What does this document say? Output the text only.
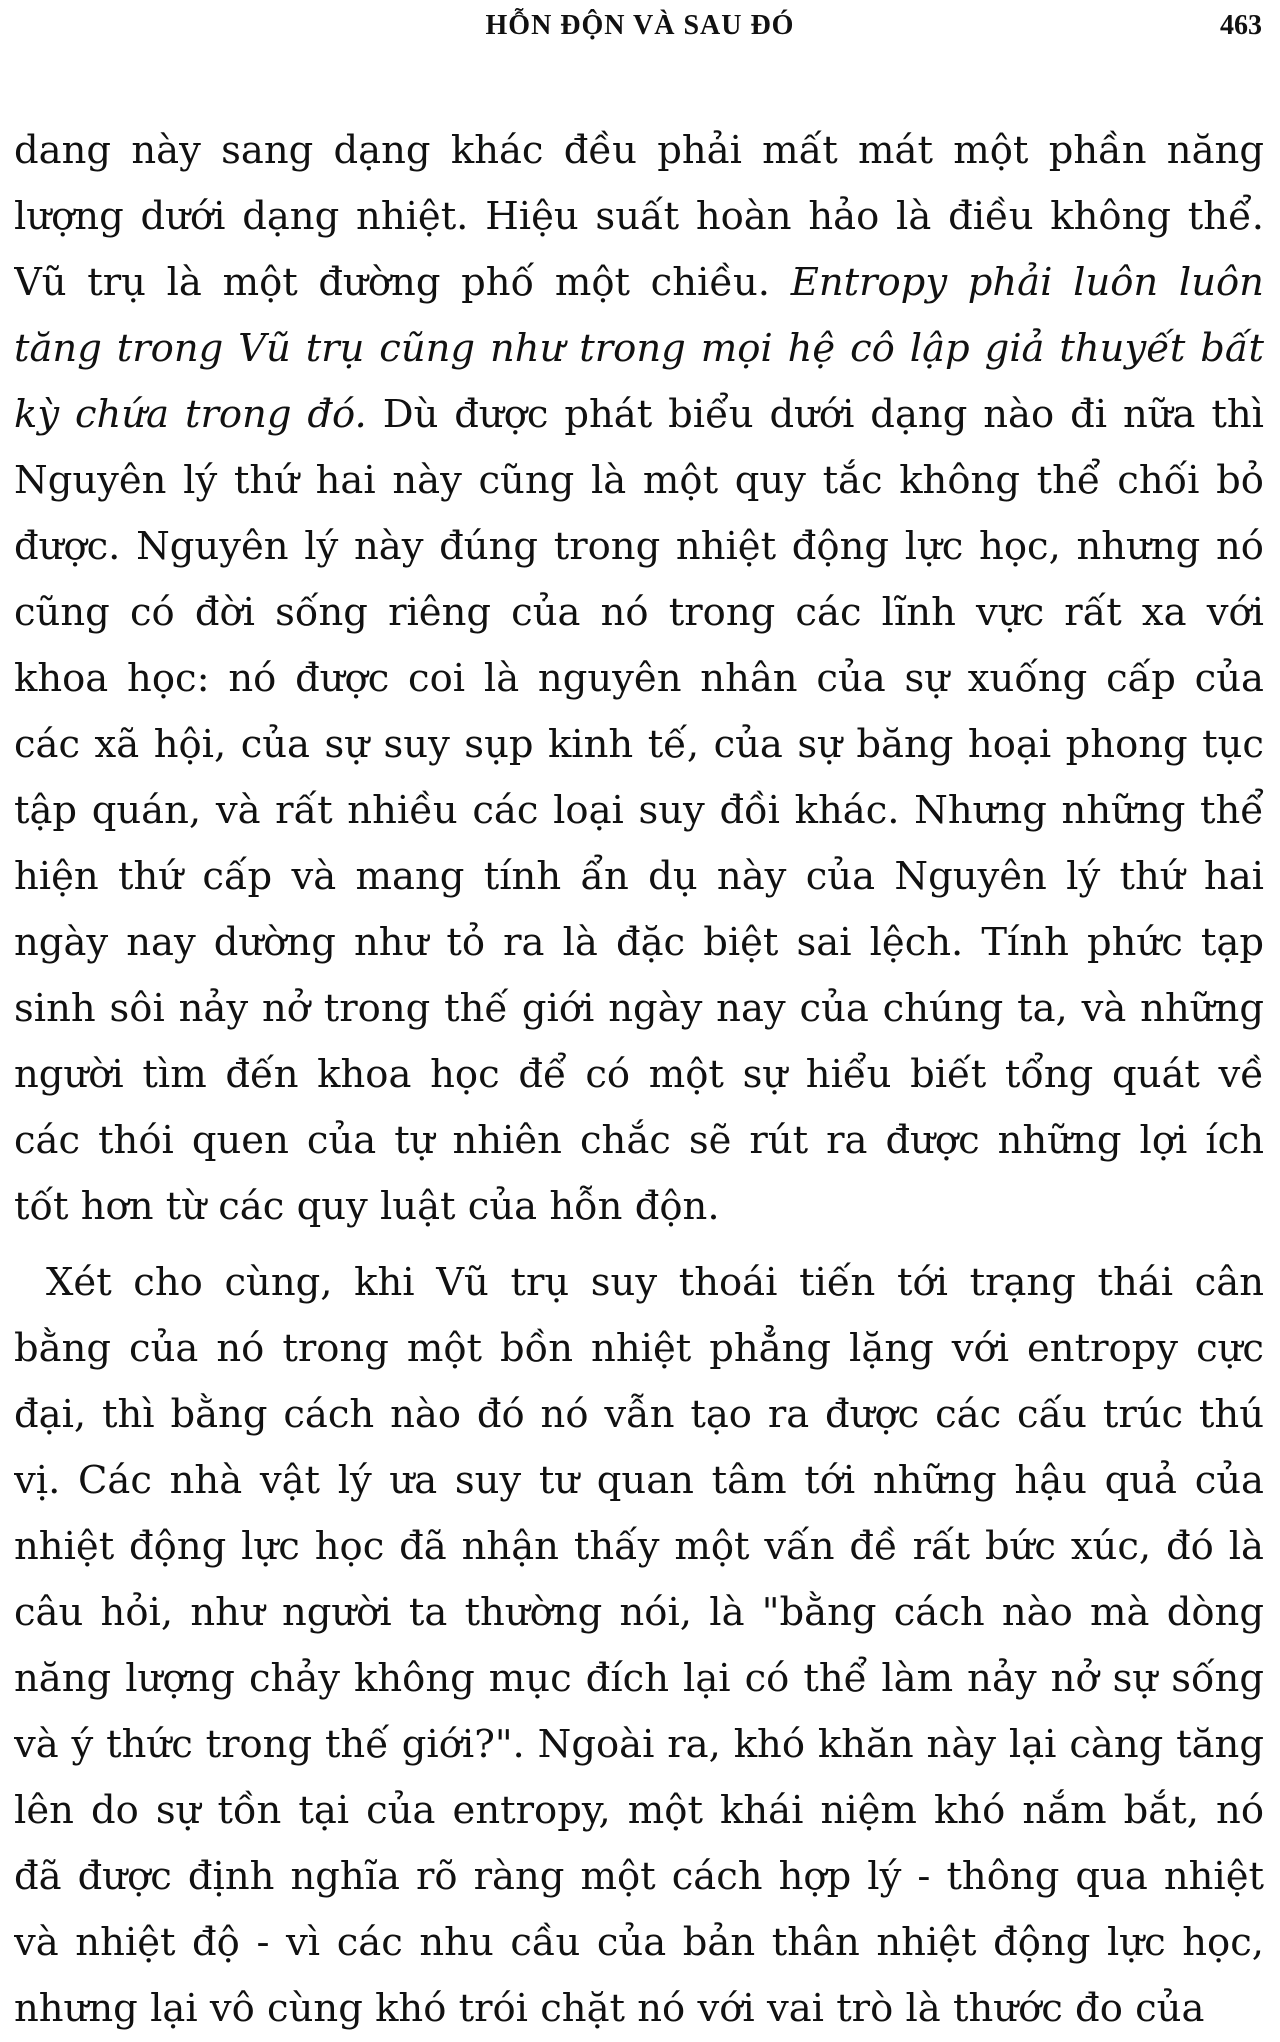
HỖN ĐỘN VÀ SAU ĐÓ	463
dang này sang dạng khác đều phải mất mát một phần năng
lượng dưới dạng nhiệt. Hiệu suất hoàn hảo là điều không thể.
Vũ trụ là một đường phố một chiều. Entropy phải luôn luôn
tăng trong Vũ trụ cũng như trong mọi hệ cô lập giả thuyết bất
kỳ chứa trong đó. Dù được phát biểu dưới dạng nào đi nữa thì
Nguyên lý thứ hai này cũng là một quy tắc không thể chối bỏ
được. Nguyên lý này đúng trong nhiệt động lực học, nhưng nó
cũng có đời sống riêng của nó trong các lĩnh vực rất xa với
khoa học: nó được coi là nguyên nhân của sự xuống cấp của
các xã hội, của sự suy sụp kinh tế, của sự băng hoại phong tục
tập quán, và rất nhiều các loại suy đồi khác. Nhưng những thể
hiện thứ cấp và mang tính ẩn dụ này của Nguyên lý thứ hai
ngày nay dường như tỏ ra là đặc biệt sai lệch. Tính phức tạp
sinh sôi nảy nở trong thế giới ngày nay của chúng ta, và những
người tìm đến khoa học để có một sự hiểu biết tổng quát về
các thói quen của tự nhiên chắc sẽ rút ra được những lợi ích
tốt hơn từ các quy luật của hỗn độn.
Xét cho cùng, khi Vũ trụ suy thoái tiến tới trạng thái cân
bằng của nó trong một bồn nhiệt phẳng lặng với entropy cực
đại, thì bằng cách nào đó nó vẫn tạo ra được các cấu trúc thú
vị. Các nhà vật lý ưa suy tư quan tâm tới những hậu quả của
nhiệt động lực học đã nhận thấy một vấn đề rất bức xúc, đó là
câu hỏi, như người ta thường nói, là "bằng cách nào mà dòng
năng lượng chảy không mục đích lại có thể làm nảy nở sự sống
và ý thức trong thế giới?". Ngoài ra, khó khăn này lại càng tăng
lên do sự tồn tại của entropy, một khái niệm khó nắm bắt, nó
đã được định nghĩa rõ ràng một cách hợp lý - thông qua nhiệt
và nhiệt độ - vì các nhu cầu của bản thân nhiệt động lực học,
nhưng lại vô cùng khó trói chặt nó với vai trò là thước đo của
